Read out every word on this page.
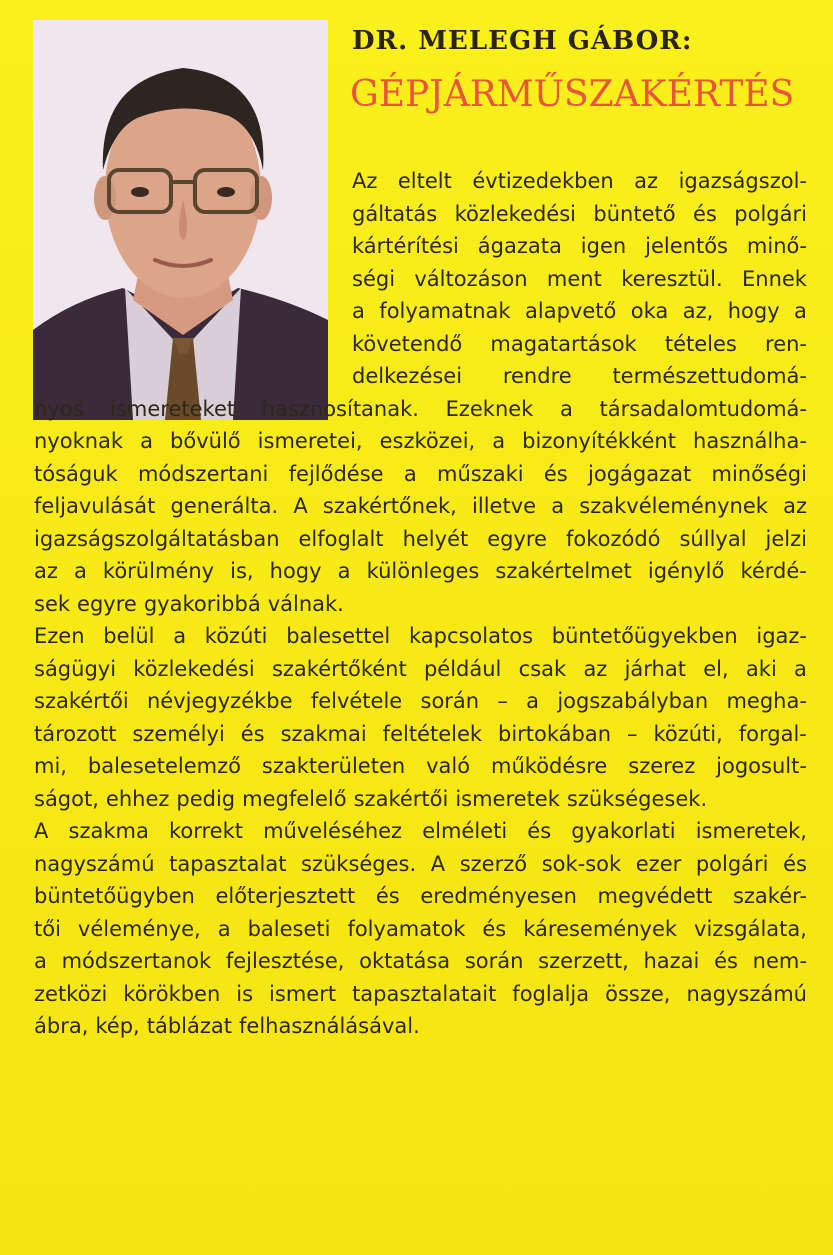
DR. MELEGH GÁBOR:
GÉPJÁRMŰSZAKÉRTÉS
Az eltelt évtizedekben az igazságszol-
gáltatás közlekedési büntető és polgári
kártérítési ágazata igen jelentős minő-
ségi változáson ment keresztül. Ennek
a folyamatnak alapvető oka az, hogy a
követendő magatartások tételes ren-
delkezései rendre természettudomá-
nyos ismereteket hasznosítanak. Ezeknek a társadalomtudomá-
nyoknak a bővülő ismeretei, eszközei, a bizonyítékként használha-
tóságuk módszertani fejlődése a műszaki és jogágazat minőségi
feljavulását generálta. A szakértőnek, illetve a szakvéleménynek az
igazságszolgáltatásban elfoglalt helyét egyre fokozódó súllyal jelzi
az a körülmény is, hogy a különleges szakértelmet igénylő kérdé-
sek egyre gyakoribbá válnak.
Ezen belül a közúti balesettel kapcsolatos büntetőügyekben igaz-
ságügyi közlekedési szakértőként például csak az járhat el, aki a
szakértői névjegyzékbe felvétele során – a jogszabályban megha-
tározott személyi és szakmai feltételek birtokában – közúti, forgal-
mi, balesetelemző szakterületen való működésre szerez jogosult-
ságot, ehhez pedig megfelelő szakértői ismeretek szükségesek.
A szakma korrekt műveléséhez elméleti és gyakorlati ismeretek,
nagyszámú tapasztalat szükséges. A szerző sok-sok ezer polgári és
büntetőügyben előterjesztett és eredményesen megvédett szakér-
tői véleménye, a baleseti folyamatok és káresemények vizsgálata,
a módszertanok fejlesztése, oktatása során szerzett, hazai és nem-
zetközi körökben is ismert tapasztalatait foglalja össze, nagyszámú
ábra, kép, táblázat felhasználásával.
